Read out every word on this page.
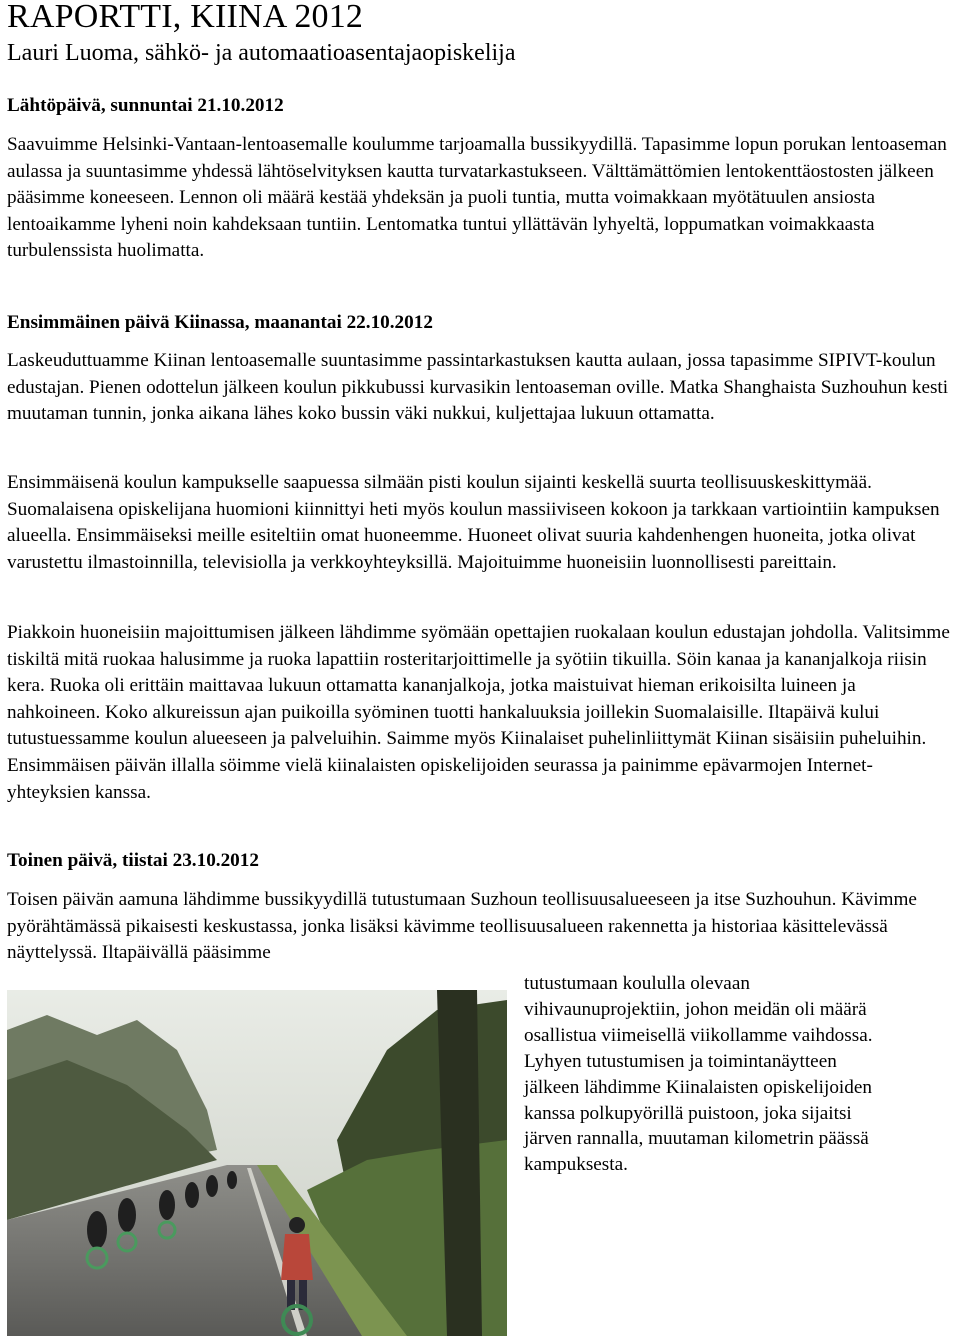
RAPORTTI, KIINA 2012
Lauri Luoma, sähkö- ja automaatioasentajaopiskelija
Lähtöpäivä, sunnuntai 21.10.2012

Saavuimme Helsinki-Vantaan-lentoasemalle koulumme tarjoamalla bussikyydillä. Tapasimme lopun porukan lentoaseman aulassa ja suuntasimme yhdessä lähtöselvityksen kautta turvatarkastukseen. Välttämättömien lentokenttäostosten jälkeen pääsimme koneeseen. Lennon oli määrä kestää yhdeksän ja puoli tuntia, mutta voimakkaan myötätuulen ansiosta lentoaikamme lyheni noin kahdeksaan tuntiin. Lentomatka tuntui yllättävän lyhyeltä, loppumatkan voimakkaasta turbulenssista huolimatta.

Ensimmäinen päivä Kiinassa, maanantai 22.10.2012

Laskeuduttuamme Kiinan lentoasemalle suuntasimme passintarkastuksen kautta aulaan, jossa tapasimme SIPIVT-koulun edustajan. Pienen odottelun jälkeen koulun pikkubussi kurvasikin lentoaseman oville. Matka Shanghaista Suzhouhun kesti muutaman tunnin, jonka aikana lähes koko bussin väki nukkui, kuljettajaa lukuun ottamatta.

Ensimmäisenä koulun kampukselle saapuessa silmään pisti koulun sijainti keskellä suurta teollisuuskeskittymää. Suomalaisena opiskelijana huomioni kiinnittyi heti myös koulun massiiviseen kokoon ja tarkkaan vartiointiin kampuksen alueella. Ensimmäiseksi meille esiteltiin omat huoneemme. Huoneet olivat suuria kahdenhengen huoneita, jotka olivat varustettu ilmastoinnilla, televisiolla ja verkkoyhteyksillä. Majoituimme huoneisiin luonnollisesti pareittain.

Piakkoin huoneisiin majoittumisen jälkeen lähdimme syömään opettajien ruokalaan koulun edustajan johdolla. Valitsimme tiskiltä mitä ruokaa halusimme ja ruoka lapattiin rosteritarjoittimelle ja syötiin tikuilla. Söin kanaa ja kananjalkoja riisin kera. Ruoka oli erittäin maittavaa lukuun ottamatta kananjalkoja, jotka maistuivat hieman erikoisilta luineen ja nahkoineen. Koko alkureissun ajan puikoilla syöminen tuotti hankaluuksia joillekin Suomalaisille. Iltapäivä kului tutustuessamme koulun alueeseen ja palveluihin. Saimme myös Kiinalaiset puhelinliittymät Kiinan sisäisiin puheluihin. Ensimmäisen päivän illalla söimme vielä kiinalaisten opiskelijoiden seurassa ja painimme epävarmojen Internet-yhteyksien kanssa.

Toinen päivä, tiistai 23.10.2012

Toisen päivän aamuna lähdimme bussikyydillä tutustumaan Suzhoun teollisuusalueeseen ja itse Suzhouhun. Kävimme pyörähtämässä pikaisesti keskustassa, jonka lisäksi kävimme teollisuusalueen rakennetta ja historiaa käsittelevässä näyttelyssä. Iltapäivällä pääsimme

tutustumaan koululla olevaan
vihivaunuprojektiin, johon meidän oli määrä
osallistua viimeisellä viikollamme vaihdossa.
Lyhyen tutustumisen ja toimintanäytteen
jälkeen lähdimme Kiinalaisten opiskelijoiden
kanssa polkupyörillä puistoon, joka sijaitsi
järven rannalla, muutaman kilometrin päässä
kampuksesta.
